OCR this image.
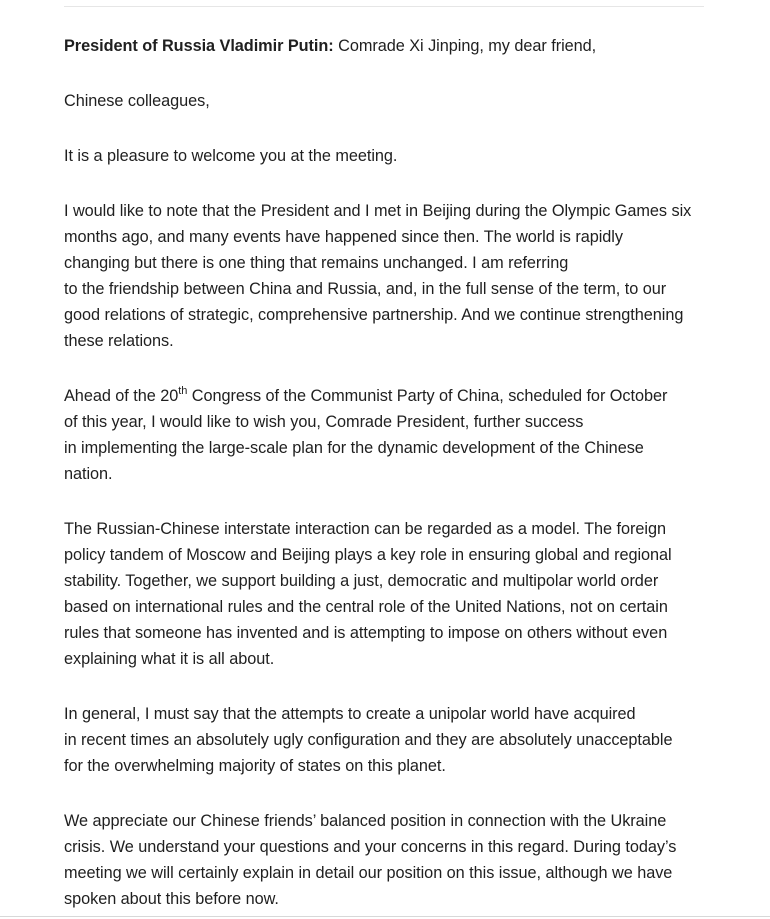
President of Russia Vladimir Putin: Comrade Xi Jinping, my dear friend,

Chinese colleagues,

It is a pleasure to welcome you at the meeting.

I would like to note that the President and I met in Beijing during the Olympic Games six
months ago, and many events have happened since then. The world is rapidly
changing but there is one thing that remains unchanged. I am referring
to the friendship between China and Russia, and, in the full sense of the term, to our
good relations of strategic, comprehensive partnership. And we continue strengthening
these relations.

Ahead of the 20th Congress of the Communist Party of China, scheduled for October
of this year, I would like to wish you, Comrade President, further success
in implementing the large-scale plan for the dynamic development of the Chinese
nation.

The Russian-Chinese interstate interaction can be regarded as a model. The foreign
policy tandem of Moscow and Beijing plays a key role in ensuring global and regional
stability. Together, we support building a just, democratic and multipolar world order
based on international rules and the central role of the United Nations, not on certain
rules that someone has invented and is attempting to impose on others without even
explaining what it is all about.

In general, I must say that the attempts to create a unipolar world have acquired
in recent times an absolutely ugly configuration and they are absolutely unacceptable
for the overwhelming majority of states on this planet.

We appreciate our Chinese friends’ balanced position in connection with the Ukraine
crisis. We understand your questions and your concerns in this regard. During today’s
meeting we will certainly explain in detail our position on this issue, although we have
spoken about this before now.
